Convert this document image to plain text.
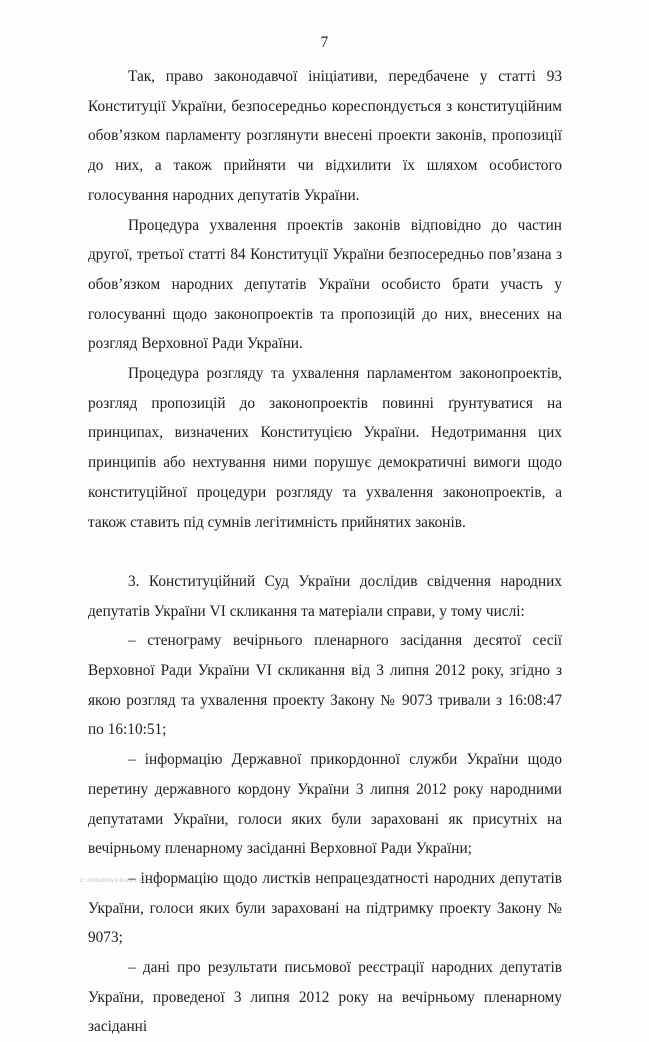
7

Так, право законодавчої ініціативи, передбачене у статті 93 Конституції України, безпосередньо кореспондується з конституційним обов’язком парламенту розглянути внесені проекти законів, пропозиції до них, а також прийняти чи відхилити їх шляхом особистого голосування народних депутатів України.

Процедура ухвалення проектів законів відповідно до частин другої, третьої статті 84 Конституції України безпосередньо пов’язана з обов’язком народних депутатів України особисто брати участь у голосуванні щодо законопроектів та пропозицій до них, внесених на розгляд Верховної Ради України.

Процедура розгляду та ухвалення парламентом законопроектів, розгляд пропозицій до законопроектів повинні ґрунтуватися на принципах, визначених Конституцією України. Недотримання цих принципів або нехтування ними порушує демократичні вимоги щодо конституційної процедури розгляду та ухвалення законопроектів, а також ставить під сумнів легітимність прийнятих законів.

3. Конституційний Суд України дослідив свідчення народних депутатів України VI скликання та матеріали справи, у тому числі:

– стенограму вечірнього пленарного засідання десятої сесії Верховної Ради України VI скликання від 3 липня 2012 року, згідно з якою розгляд та ухвалення проекту Закону № 9073 тривали з 16:08:47 по 16:10:51;

– інформацію Державної прикордонної служби України щодо перетину державного кордону України 3 липня 2012 року народними депутатами України, голоси яких були зараховані як присутніх на вечірньому пленарному засіданні Верховної Ради України;

– інформацію щодо листків непрацездатності народних депутатів України, голоси яких були зараховані на підтримку проекту Закону № 9073;

– дані про результати письмової реєстрації народних депутатів України, проведеної 3 липня 2012 року на вечірньому пленарному засіданні

C:\WINDOWS\Rada-r.doc
